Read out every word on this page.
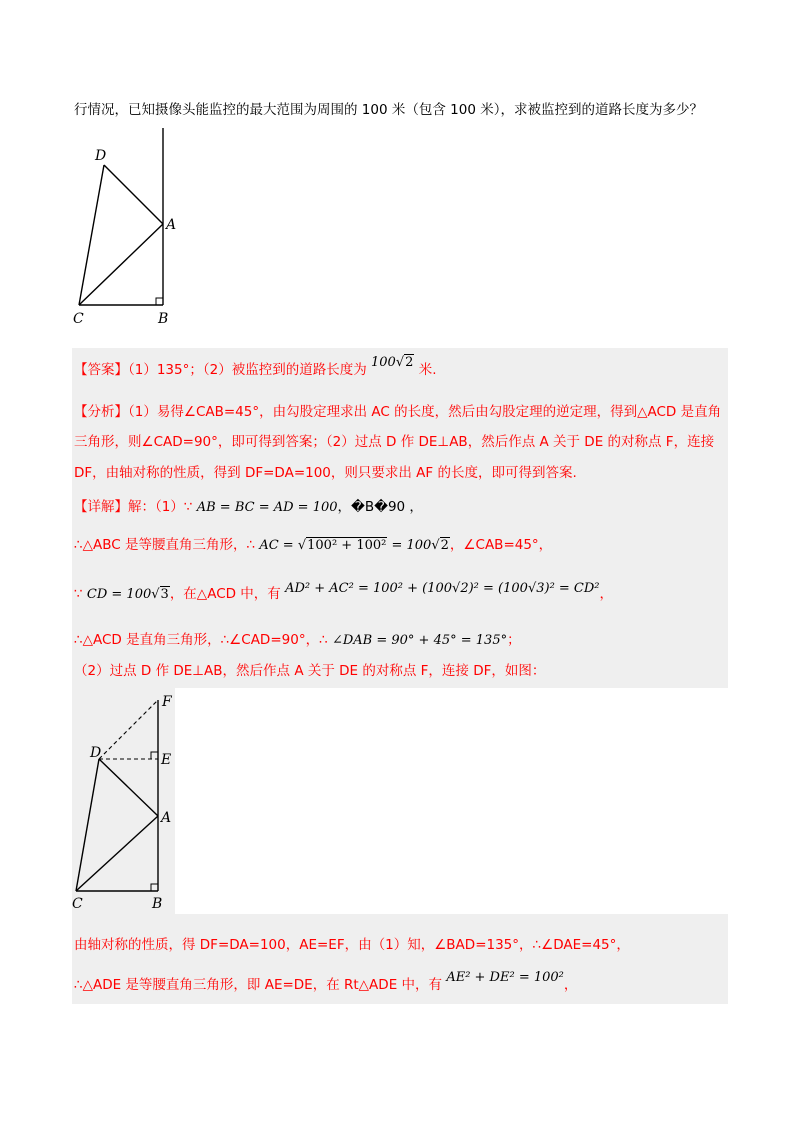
行情况，已知摄像头能监控的最大范围为周围的 100 米（包含 100 米），求被监控到的道路长度为多少？
D
A
C	B
【答案】（1）135°；（2）被监控到的道路长度为 100√2 米.
【分析】（1）易得∠CAB=45°，由勾股定理求出 AC 的长度，然后由勾股定理的逆定理，得到△ACD 是直角
三角形，则∠CAD=90°，即可得到答案；（2）过点 D 作 DE⊥AB，然后作点 A 关于 DE 的对称点 F，连接
DF，由轴对称的性质，得到 DF=DA=100，则只要求出 AF 的长度，即可得到答案.
【详解】解：（1）∵ AB = BC = AD = 100，�B�90 ，
∴△ABC 是等腰直角三角形，∴ AC = √100² + 100² = 100√2，∠CAB=45°，
∵ CD = 100√3，在△ACD 中，有 AD² + AC² = 100² + (100√2)² = (100√3)² = CD²，
∴△ACD 是直角三角形，∴∠CAD=90°，∴ ∠DAB = 90° + 45° = 135°；
（2）过点 D 作 DE⊥AB，然后作点 A 关于 DE 的对称点 F，连接 DF，如图：
F
D	E
A
C	B
由轴对称的性质，得 DF=DA=100，AE=EF，由（1）知，∠BAD=135°，∴∠DAE=45°，
∴△ADE 是等腰直角三角形，即 AE=DE，在 Rt△ADE 中，有 AE² + DE² = 100²，
